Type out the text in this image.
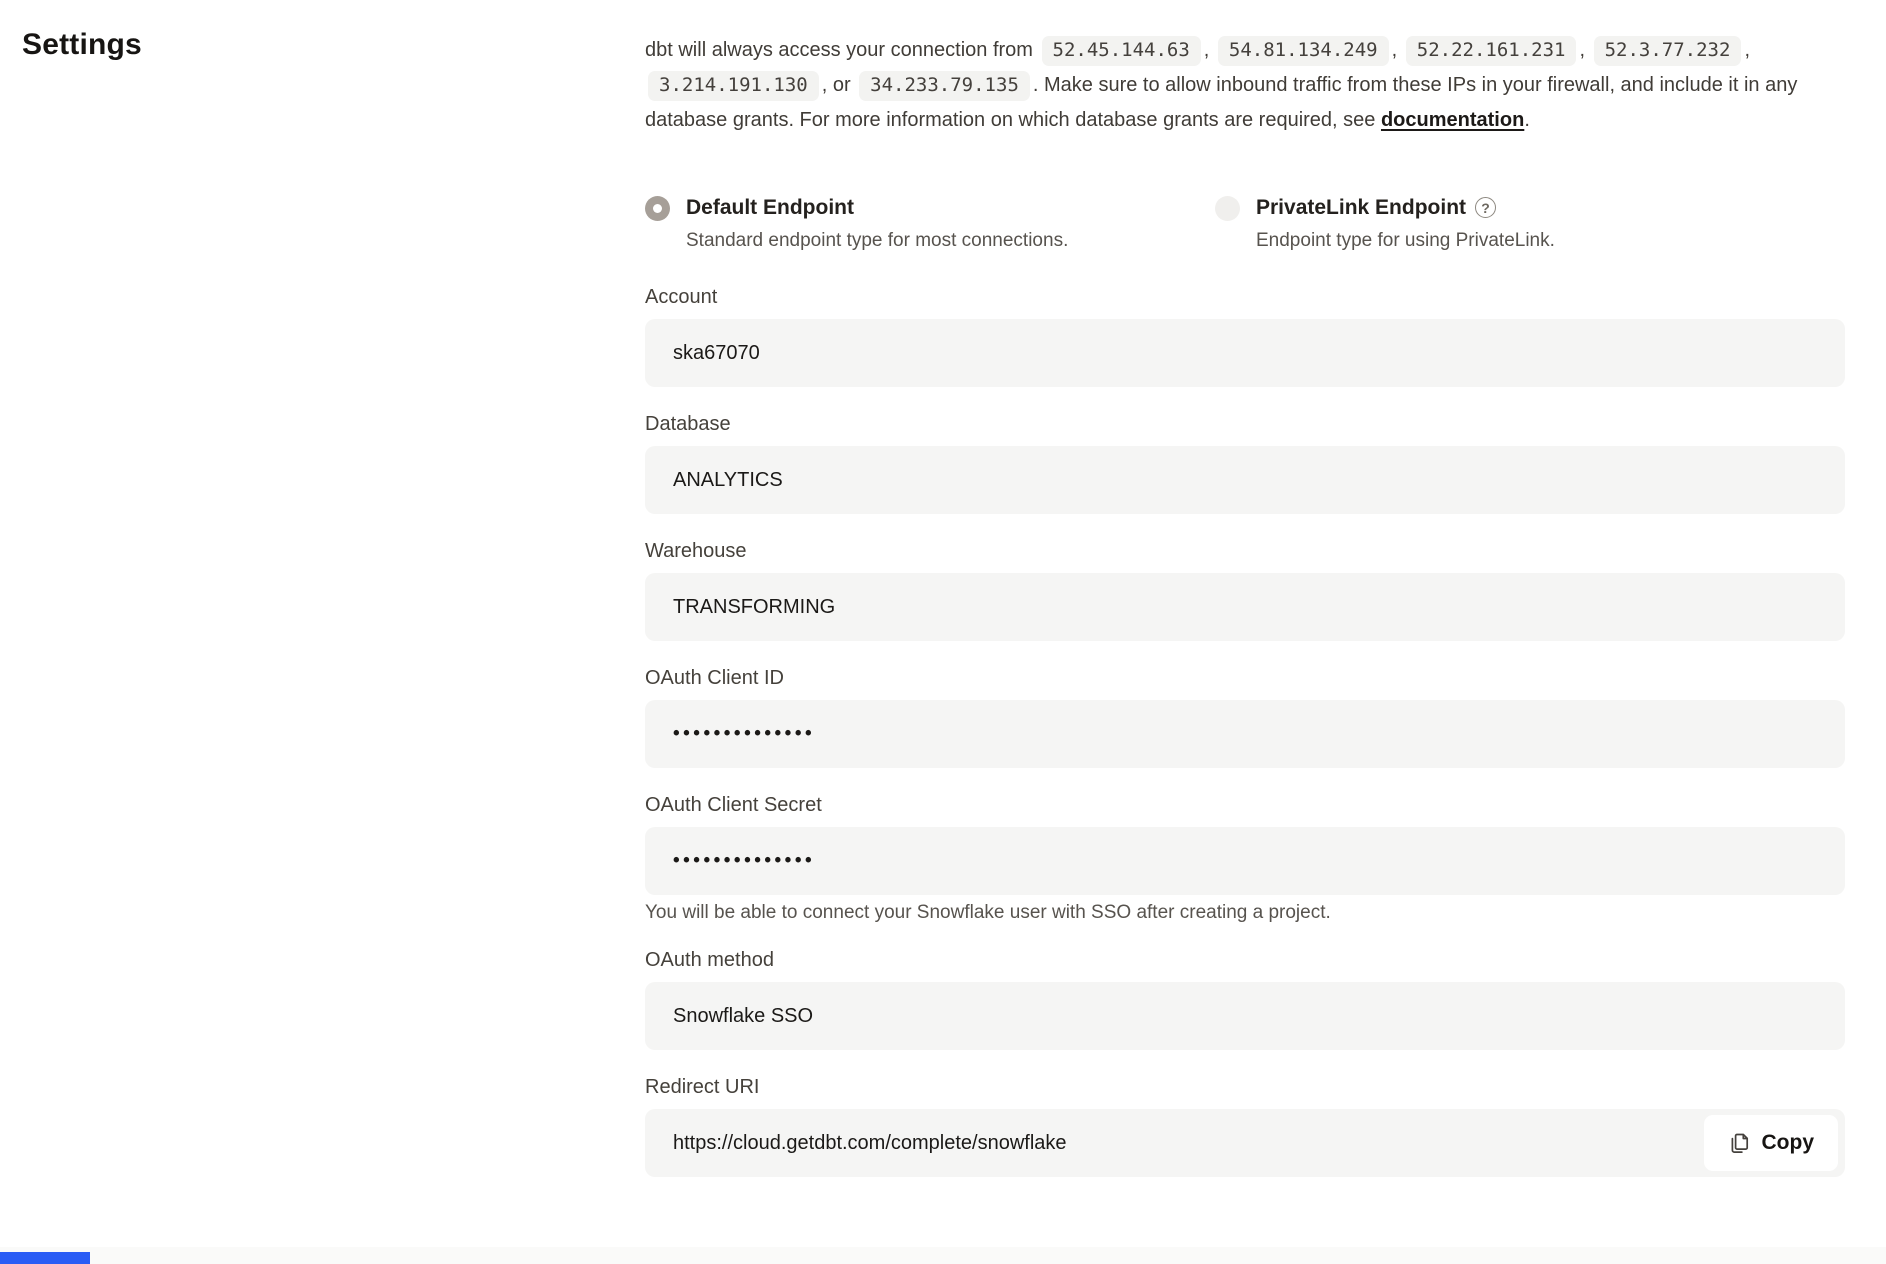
Settings	dbt will always access your connection from 52.45.144.63 , 54.81.134.249 , 52.22.161.231 , 52.3.77.232 , 3.214.191.130 , or 34.233.79.135 . Make sure to allow inbound traffic from these IPs in your firewall, and include it in any database grants. For more information on which database grants are required, see documentation.

Default Endpoint
Standard endpoint type for most connections.
PrivateLink Endpoint	?
Endpoint type for using PrivateLink.
Account
ska67070
Database
ANALYTICS
Warehouse
TRANSFORMING
OAuth Client ID
••••••••••••••
OAuth Client Secret
••••••••••••••

You will be able to connect your Snowflake user with SSO after creating a project.

OAuth method
Snowflake SSO
Redirect URI
https://cloud.getdbt.com/complete/snowflake	Copy
